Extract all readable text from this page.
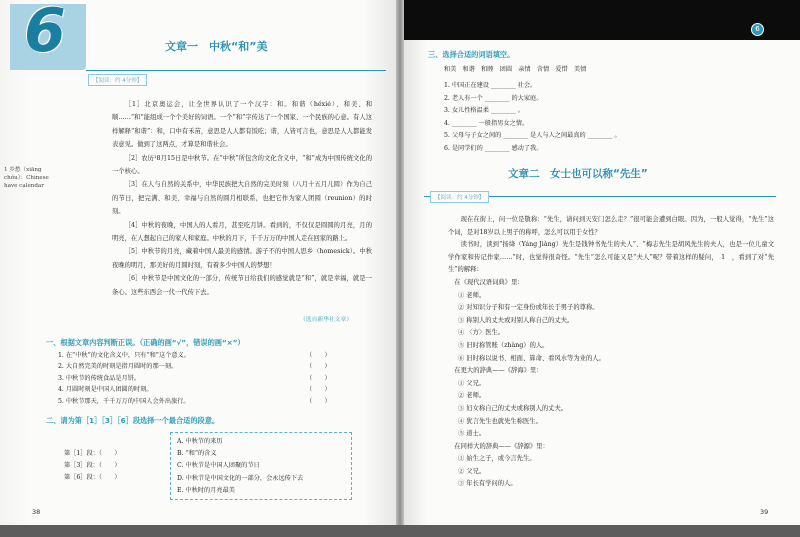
6	文章一　中秋“和”美
【阅读：约 4分钟】
1 乡愁（xiāng chóu）：Chinese have calendar
［1］北京奥运会，让全世界认识了一个汉字：和。和谐（héxié）、和美、和顺……“和”能组成一个个美好的词语。一个“和”字传达了一个国家、一个民族的心意。有人这样解释“和谐”：和，口中有禾苗，意思是人人都有饭吃；谐，人皆可言也，意思是人人都能发表意见。做到了这两点，才算是和谐社会。
［2］农历¹8月15日是中秋节。在“中秋”所包含的文化含义中，“和”成为中国传统文化的一个核心。
［3］在人与自然的关系中，中华民族把大自然的完美时刻（八月十五月儿圆）作为自己的节日，把完满、和美、幸福与自然的圆月相联系，也把它作为家人团圆（reunion）的时刻。
［4］中秋的夜晚，中国人的人看月，甚至吃月饼。看到的，不仅仅是圆圆的月亮，月的明亮，在人想起自己的家人和家庭。中秋的月下，千千万万的中国人走在回家的路上。
［5］中秋节的月亮，藏着中国人最美的感情。游子不的中国人思乡（homesick）。中秋夜晚的明月，那美好的月圆时刻，有着多少中国人的梦想！
［6］中秋节是中国文化的一部分，传统节日给我们的感觉就是“和”，就是幸福，就是一条心。这些东西会一代一代传下去。
（选自新华社文章）
一、根据文章内容判断正误。（正确的画“√”，错误的画“×”）
1. 在“中秋”的文化含义中，只有“和”这个意义。	（　　）
2. 大自然完美的时刻是指月圆时的那一刻。	（　　）
3. 中秋节的传统食品是月饼。	（　　）
4. 月圆时刻是中国人团圆的时刻。	（　　）
5. 中秋节那天，千千万万的中国人会外出旅行。	（　　）
二、请为第［1］［3］［6］段选择一个最合适的段意。
第［1］段：（　　）
第［3］段：（　　）
第［6］段：（　　）
A. 中秋节的来历
B. “和”的含义
C. 中秋节是中国人团聚的节日
D. 中秋节是中国文化的一部分，会永远传下去
E. 中秋时的月亮最美
38
6
三、选择合适的词语填空。
和美　和谐　和睦　团圆　亲情　含情　爱惜　美情
1. 中国正在建设 ________ 社会。
2. 老人有一个 ________ 的大家庭。
3. 女儿性格温柔 ________ 。
4. ________ 一般指男女之情。
5. 父母与子女之间的 ________ 是人与人之间最真的 ________ 。
6. 是同学们的 ________ 感动了我。
文章二　女士也可以称“先生”
【阅读：约 4分钟】
现在在街上，问一位是敬称：“先生，请问到天安门怎么走？”很可能会遭到白眼。因为，一般人觉得，“先生”这个词，是对18岁以上男子的称呼，怎么可以用于女性？
读书时，读到“扬绛（Yáng Jiàng）先生是钱钟书先生的夫人”、“梅志先生是胡风先生的夫人，也是一位儿童文学作家和传记作家……”时，也觉得很奇怪。“先生”怎么可能又是“夫人”呢？带着这样的疑问，　1　，看到了对“先生”的解释：
在《现代汉语词典》里：
① 老师。
② 对知识分子和有一定身份或年长于男子的尊称。
③ 称别人的丈夫或对别人称自己的丈夫。
④ 〈方〉医生。
⑤ 旧时称管账（zhàng）的人。
⑥ 旧时称以说书、相面、算命、看风水等为业的人。
在更大的辞典——《辞海》里：
① 父兄。
② 老师。
③ 妇女称自己的丈夫或称别人的丈夫。
④ 犹言先生也就先生称医生。
⑤ 道士。
在同样大的辞典——《辞源》里：
① 始生之子，或今言先生。
② 父兄。
③ 年长有学问的人。
39
